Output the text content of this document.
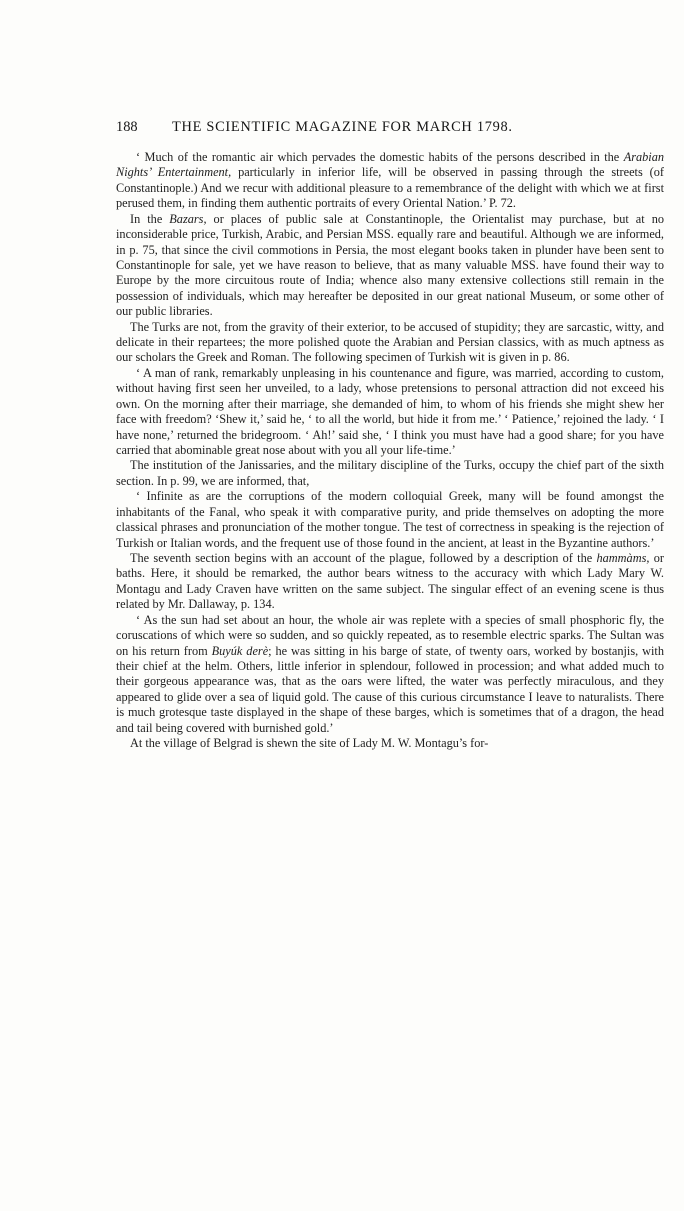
188 THE SCIENTIFIC MAGAZINE FOR MARCH 1798.

‘ Much of the romantic air which pervades the domestic habits of the persons described in the Arabian Nights’ Entertainment, particularly in inferior life, will be observed in passing through the streets (of Constantinople.) And we recur with additional pleasure to a remembrance of the delight with which we at first perused them, in finding them authentic portraits of every Oriental Nation.’ P. 72.

In the Bazars, or places of public sale at Constantinople, the Orientalist may purchase, but at no inconsiderable price, Turkish, Arabic, and Persian MSS. equally rare and beautiful. Although we are informed, in p. 75, that since the civil commotions in Persia, the most elegant books taken in plunder have been sent to Constantinople for sale, yet we have reason to believe, that as many valuable MSS. have found their way to Europe by the more circuitous route of India; whence also many extensive collections still remain in the possession of individuals, which may hereafter be deposited in our great national Museum, or some other of our public libraries.

The Turks are not, from the gravity of their exterior, to be accused of stupidity; they are sarcastic, witty, and delicate in their repartees; the more polished quote the Arabian and Persian classics, with as much aptness as our scholars the Greek and Roman. The following specimen of Turkish wit is given in p. 86.

‘ A man of rank, remarkably unpleasing in his countenance and figure, was married, according to custom, without having first seen her unveiled, to a lady, whose pretensions to personal attraction did not exceed his own. On the morning after their marriage, she demanded of him, to whom of his friends she might shew her face with freedom? ‘Shew it,’ said he, ‘ to all the world, but hide it from me.’ ‘ Patience,’ rejoined the lady. ‘ I have none,’ returned the bridegroom. ‘ Ah!’ said she, ‘ I think you must have had a good share; for you have carried that abominable great nose about with you all your life-time.’

The institution of the Janissaries, and the military discipline of the Turks, occupy the chief part of the sixth section. In p. 99, we are informed, that,

‘ Infinite as are the corruptions of the modern colloquial Greek, many will be found amongst the inhabitants of the Fanal, who speak it with comparative purity, and pride themselves on adopting the more classical phrases and pronunciation of the mother tongue. The test of correctness in speaking is the rejection of Turkish or Italian words, and the frequent use of those found in the ancient, at least in the Byzantine authors.’

The seventh section begins with an account of the plague, followed by a description of the hammàms, or baths. Here, it should be remarked, the author bears witness to the accuracy with which Lady Mary W. Montagu and Lady Craven have written on the same subject. The singular effect of an evening scene is thus related by Mr. Dallaway, p. 134.

‘ As the sun had set about an hour, the whole air was replete with a species of small phosphoric fly, the coruscations of which were so sudden, and so quickly repeated, as to resemble electric sparks. The Sultan was on his return from Buyúk derè; he was sitting in his barge of state, of twenty oars, worked by bostanjis, with their chief at the helm. Others, little inferior in splendour, followed in procession; and what added much to their gorgeous appearance was, that as the oars were lifted, the water was perfectly miraculous, and they appeared to glide over a sea of liquid gold. The cause of this curious circumstance I leave to naturalists. There is much grotesque taste displayed in the shape of these barges, which is sometimes that of a dragon, the head and tail being covered with burnished gold.’

At the village of Belgrad is shewn the site of Lady M. W. Montagu’s for-
